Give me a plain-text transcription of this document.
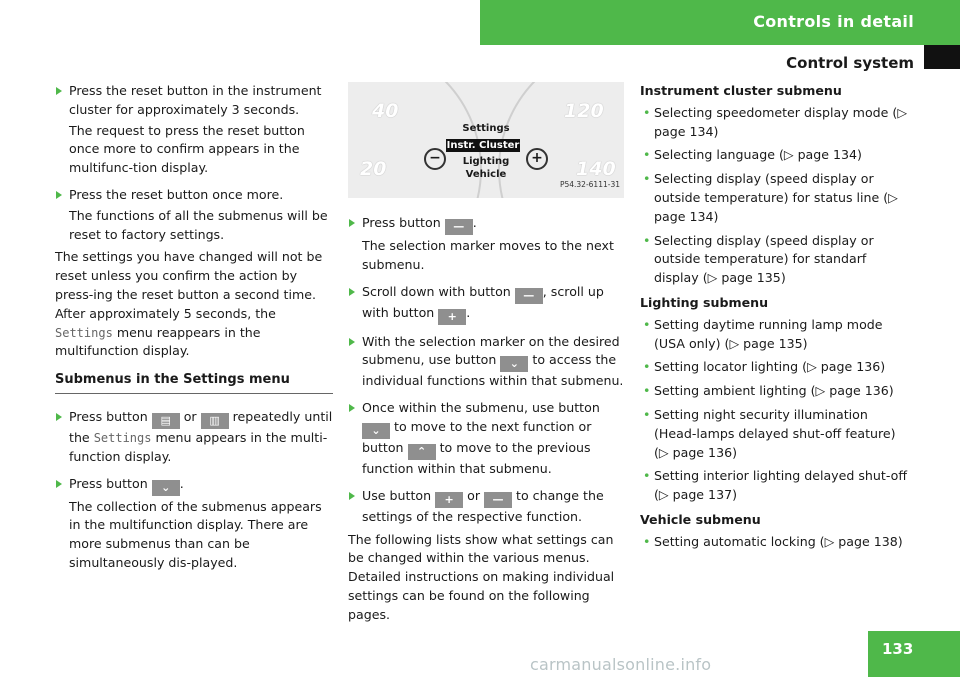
Controls in detail
Control system

Press the reset button in the instrument cluster for approximately 3 seconds.

The request to press the reset button once more to confirm appears in the multifunc-tion display.

Press the reset button once more.

The functions of all the submenus will be reset to factory settings.

The settings you have changed will not be reset unless you confirm the action by press-ing the reset button a second time. After approximately 5 seconds, the Settings menu reappears in the multifunction display.

Submenus in the Settings menu

Press button ▤ or ▥ repeatedly until the Settings menu appears in the multi-function display.

Press button ⌄ .

The collection of the submenus appears in the multifunction display. There are more submenus than can be simultaneously dis-played.

40
20
120
140
Settings
Instr. Cluster
Lighting
Vehicle
−	+
P54.32-6111-31

Press button — .

The selection marker moves to the next submenu.

Scroll down with button — , scroll up with button + .

With the selection marker on the desired submenu, use button ⌄ to access the individual functions within that submenu.

Once within the submenu, use button ⌄ to move to the next function or button ⌃ to move to the previous function within that submenu.

Use button + or — to change the settings of the respective function.

The following lists show what settings can be changed within the various menus. Detailed instructions on making individual settings can be found on the following pages.

Instrument cluster submenu

• Selecting speedometer display mode (▷ page 134)

• Selecting language (▷ page 134)

• Selecting display (speed display or outside temperature) for status line (▷ page 134)

• Selecting display (speed display or outside temperature) for standarf display (▷ page 135)

Lighting submenu

• Setting daytime running lamp mode (USA only) (▷ page 135)

• Setting locator lighting (▷ page 136)

• Setting ambient lighting (▷ page 136)

• Setting night security illumination (Head-lamps delayed shut-off feature) (▷ page 136)

• Setting interior lighting delayed shut-off (▷ page 137)

Vehicle submenu

• Setting automatic locking (▷ page 138)

133
carmanualsonline.info
